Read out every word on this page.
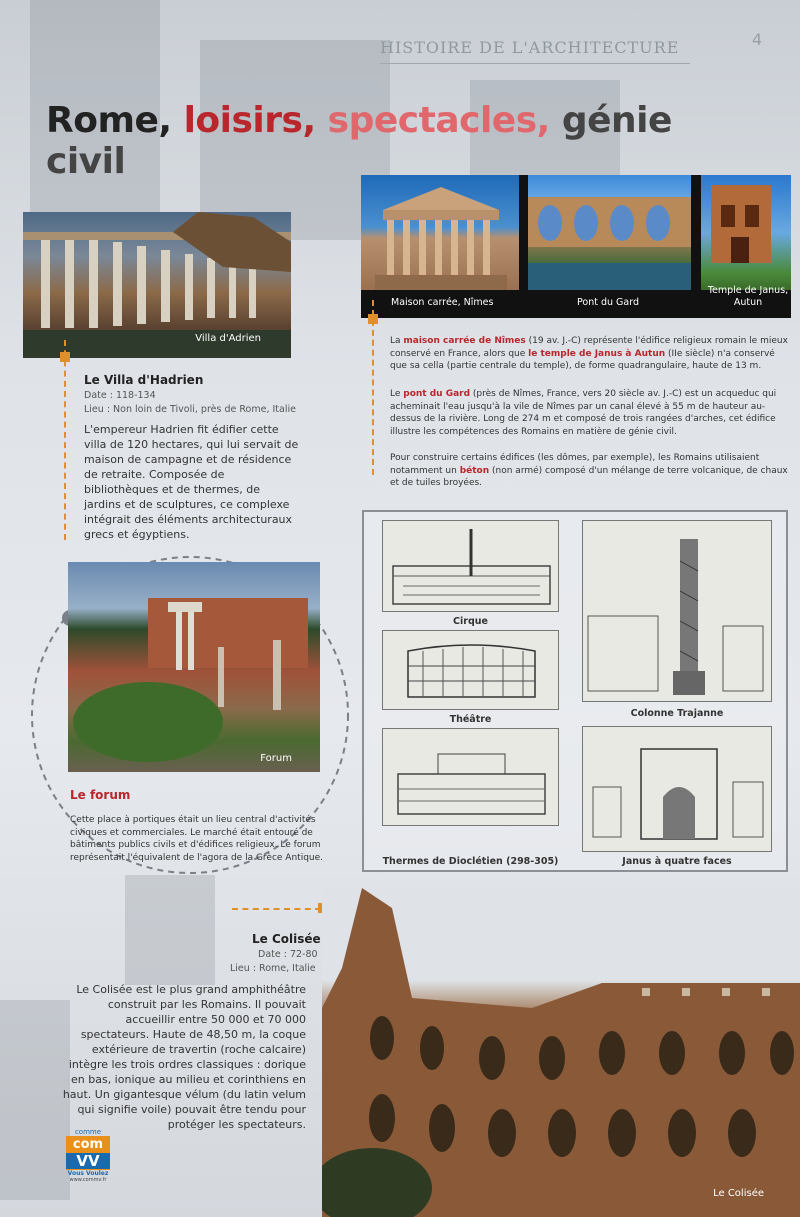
HISTOIRE DE L'ARCHITECTURE	4
Rome, loisirs, spectacles, génie civil
Villa d'Adrien
Le Villa d'Hadrien
Date : 118-134
Lieu : Non loin de Tivoli, près de Rome, Italie
L'empereur Hadrien fit édifier cette villa de 120 hectares, qui lui servait de maison de campagne et de résidence de retraite. Composée de bibliothèques et de thermes, de jardins et de sculptures, ce complexe intégrait des éléments architecturaux grecs et égyptiens.
Maison carrée, Nîmes	Pont du Gard
Temple de Janus, Autun
La maison carrée de Nîmes (19 av. J.-C) représente l'édifice religieux romain le mieux conservé en France, alors que le temple de Janus à Autun (IIe siècle) n'a conservé que sa cella (partie centrale du temple), de forme quadrangulaire, haute de 13 m.
Le pont du Gard (près de Nîmes, France, vers 20 siècle av. J.-C) est un acqueduc qui acheminait l'eau jusqu'à la vile de Nîmes par un canal élevé à 55 m de hauteur au-dessus de la rivière. Long de 274 m et composé de trois rangées d'arches, cet édifice illustre les compétences des Romains en matière de génie civil.
Pour construire certains édifices (les dômes, par exemple), les Romains utilisaient notamment un béton (non armé) composé d'un mélange de terre volcanique, de chaux et de tuiles broyées.
Cirque
Colonne Trajanne
Théâtre
Thermes de Dioclétien (298-305)	Janus à quatre faces
Forum
Le forum
Cette place à portiques était un lieu central d'activités civiques et commerciales. Le marché était entouré de bâtiments publics civils et d'édifices religieux. Le forum représentait l'équivalent de l'agora de la Grèce Antique.
Le Colisée
Date : 72-80
Lieu : Rome, Italie
Le Colisée est le plus grand amphithéâtre construit par les Romains. Il pouvait accueillir entre 50 000 et 70 000 spectateurs. Haute de 48,50 m, la coque extérieure de travertin (roche calcaire) intègre les trois ordres classiques : dorique en bas, ionique au milieu et corinthiens en haut. Un gigantesque vélum (du latin velum qui signifie voile) pouvait être tendu pour protéger les spectateurs.
Le Colisée
comme
com
VV
Vous Voulez
www.commv.fr
